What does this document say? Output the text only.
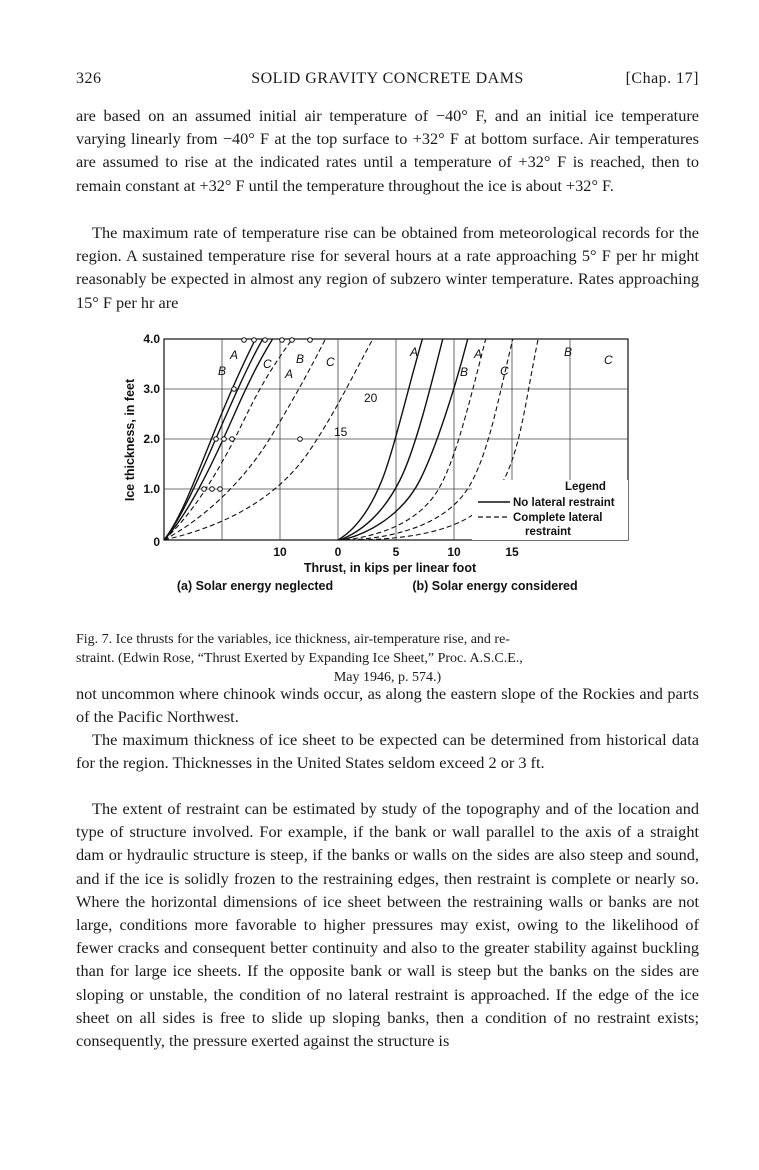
326	SOLID GRAVITY CONCRETE DAMS	[Chap. 17]

are based on an assumed initial air temperature of −40° F, and an initial ice temperature varying linearly from −40° F at the top surface to +32° F at bottom surface. Air temperatures are assumed to rise at the indicated rates until a temperature of +32° F is reached, then to remain constant at +32° F until the temperature throughout the ice is about +32° F.

The maximum rate of temperature rise can be obtained from meteorological records for the region. A sustained temperature rise for several hours at a rate approaching 5° F per hr might reasonably be expected in almost any region of subzero winter temperature. Rates approaching 15° F per hr are

A
B	C B
A
C
A
B
A
C
B
C
20
15
4.0
3.0
2.0
1.0
0
Ice thickness, in feet
10	0	5	10	15
Thrust, in kips per linear foot
(a) Solar energy neglected	(b) Solar energy considered
Legend
No lateral restraint
Complete lateral
restraint
Fig. 7. Ice thrusts for the variables, ice thickness, air-temperature rise, and re-
straint. (Edwin Rose, “Thrust Exerted by Expanding Ice Sheet,” Proc. A.S.C.E.,
May 1946, p. 574.)

not uncommon where chinook winds occur, as along the eastern slope of the Rockies and parts of the Pacific Northwest.

The maximum thickness of ice sheet to be expected can be determined from historical data for the region. Thicknesses in the United States seldom exceed 2 or 3 ft.

The extent of restraint can be estimated by study of the topography and of the location and type of structure involved. For example, if the bank or wall parallel to the axis of a straight dam or hydraulic structure is steep, if the banks or walls on the sides are also steep and sound, and if the ice is solidly frozen to the restraining edges, then restraint is complete or nearly so. Where the horizontal dimensions of ice sheet between the restraining walls or banks are not large, conditions more favorable to higher pressures may exist, owing to the likelihood of fewer cracks and consequent better continuity and also to the greater stability against buckling than for large ice sheets. If the opposite bank or wall is steep but the banks on the sides are sloping or unstable, the condition of no lateral restraint is approached. If the edge of the ice sheet on all sides is free to slide up sloping banks, then a condition of no restraint exists; consequently, the pressure exerted against the structure is
